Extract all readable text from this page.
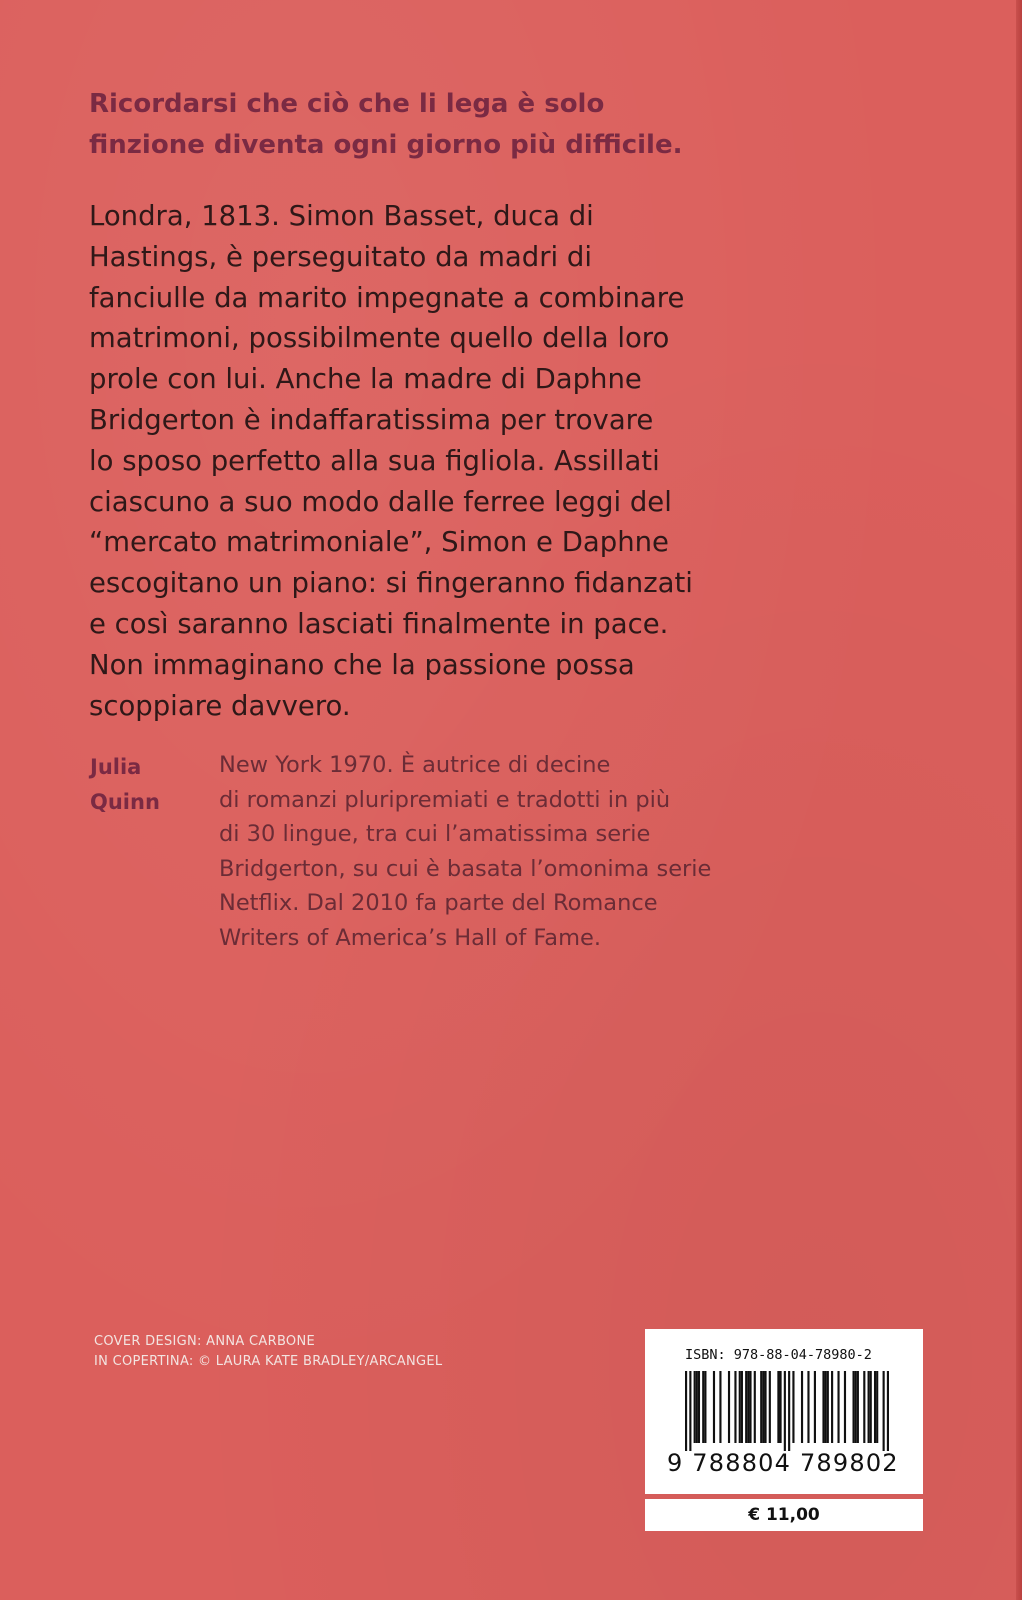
Ricordarsi che ciò che li lega è solo
finzione diventa ogni giorno più difficile.

Londra, 1813. Simon Basset, duca di
Hastings, è perseguitato da madri di
fanciulle da marito impegnate a combinare
matrimoni, possibilmente quello della loro
prole con lui. Anche la madre di Daphne
Bridgerton è indaffaratissima per trovare
lo sposo perfetto alla sua figliola. Assillati
ciascuno a suo modo dalle ferree leggi del
“mercato matrimoniale”, Simon e Daphne
escogitano un piano: si fingeranno fidanzati
e così saranno lasciati finalmente in pace.
Non immaginano che la passione possa
scoppiare davvero.

Julia
Quinn

New York 1970. È autrice di decine
di romanzi pluripremiati e tradotti in più
di 30 lingue, tra cui l’amatissima serie
Bridgerton, su cui è basata l’omonima serie
Netflix. Dal 2010 fa parte del Romance
Writers of America’s Hall of Fame.

COVER DESIGN: ANNA CARBONE
IN COPERTINA: © LAURA KATE BRADLEY/ARCANGEL	ISBN: 978-88-04-78980-2
9 788804 789802
€ 11,00
